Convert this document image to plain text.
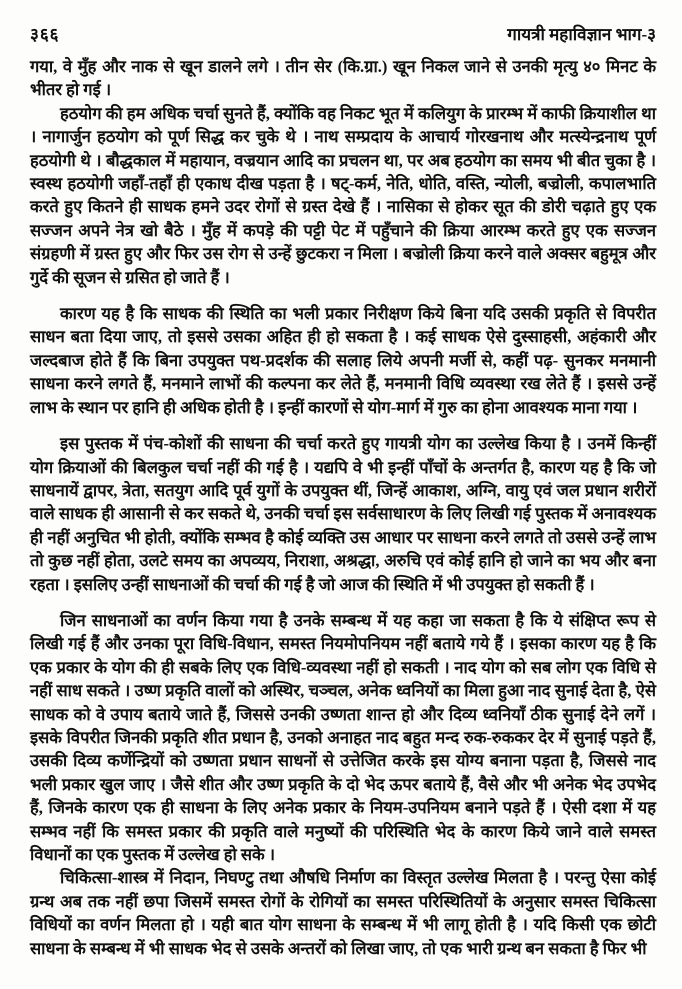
३६६	गायत्री महाविज्ञान भाग-३

गया, वे मुँह और नाक से खून डालने लगे । तीन सेर (कि.ग्रा.) खून निकल जाने से उनकी मृत्यु ४० मिनट के भीतर हो गई ।

हठयोग की हम अधिक चर्चा सुनते हैं, क्योंकि वह निकट भूत में कलियुग के प्रारम्भ में काफी क्रियाशील था । नागार्जुन हठयोग को पूर्ण सिद्ध कर चुके थे । नाथ सम्प्रदाय के आचार्य गोरखनाथ और मत्स्येन्द्रनाथ पूर्ण हठयोगी थे । बौद्धकाल में महायान, वज्रयान आदि का प्रचलन था, पर अब हठयोग का समय भी बीत चुका है । स्वस्थ हठयोगी जहाँ-तहाँ ही एकाध दीख पड़ता है । षट्-कर्म, नेति, धोति, वस्ति, न्योली, बज्रोली, कपालभाति करते हुए कितने ही साधक हमने उदर रोगों से ग्रस्त देखे हैं । नासिका से होकर सूत की डोरी चढ़ाते हुए एक सज्जन अपने नेत्र खो बैठे । मुँह में कपड़े की पट्टी पेट में पहुँचाने की क्रिया आरम्भ करते हुए एक सज्जन संग्रहणी में ग्रस्त हुए और फिर उस रोग से उन्हें छुटकरा न मिला । बज्रोली क्रिया करने वाले अक्सर बहुमूत्र और गुर्दे की सूजन से ग्रसित हो जाते हैं ।

कारण यह है कि साधक की स्थिति का भली प्रकार निरीक्षण किये बिना यदि उसकी प्रकृति से विपरीत साधन बता दिया जाए, तो इससे उसका अहित ही हो सकता है । कई साधक ऐसे दुस्साहसी, अहंकारी और जल्दबाज होते हैं कि बिना उपयुक्त पथ-प्रदर्शक की सलाह लिये अपनी मर्जी से, कहीं पढ़- सुनकर मनमानी साधना करने लगते हैं, मनमाने लाभों की कल्पना कर लेते हैं, मनमानी विधि व्यवस्था रख लेते हैं । इससे उन्हें लाभ के स्थान पर हानि ही अधिक होती है । इन्हीं कारणों से योग-मार्ग में गुरु का होना आवश्यक माना गया ।

इस पुस्तक में पंच-कोशों की साधना की चर्चा करते हुए गायत्री योग का उल्लेख किया है । उनमें किन्हीं योग क्रियाओं की बिलकुल चर्चा नहीं की गई है । यद्यपि वे भी इन्हीं पाँचों के अन्तर्गत है, कारण यह है कि जो साधनायें द्वापर, त्रेता, सतयुग आदि पूर्व युगों के उपयुक्त थीं, जिन्हें आकाश, अग्नि, वायु एवं जल प्रधान शरीरों वाले साधक ही आसानी से कर सकते थे, उनकी चर्चा इस सर्वसाधारण के लिए लिखी गई पुस्तक में अनावश्यक ही नहीं अनुचित भी होती, क्योंकि सम्भव है कोई व्यक्ति उस आधार पर साधना करने लगते तो उससे उन्हें लाभ तो कुछ नहीं होता, उलटे समय का अपव्यय, निराशा, अश्रद्धा, अरुचि एवं कोई हानि हो जाने का भय और बना रहता । इसलिए उन्हीं साधनाओं की चर्चा की गई है जो आज की स्थिति में भी उपयुक्त हो सकती हैं ।

जिन साधनाओं का वर्णन किया गया है उनके सम्बन्ध में यह कहा जा सकता है कि ये संक्षिप्त रूप से लिखी गई हैं और उनका पूरा विधि-विधान, समस्त नियमोपनियम नहीं बताये गये हैं । इसका कारण यह है कि एक प्रकार के योग की ही सबके लिए एक विधि-व्यवस्था नहीं हो सकती । नाद योग को सब लोग एक विधि से नहीं साध सकते । उष्ण प्रकृति वालों को अस्थिर, चञ्चल, अनेक ध्वनियों का मिला हुआ नाद सुनाई देता है, ऐसे साधक को वे उपाय बताये जाते हैं, जिससे उनकी उष्णता शान्त हो और दिव्य ध्वनियाँ ठीक सुनाई देने लगें । इसके विपरीत जिनकी प्रकृति शीत प्रधान है, उनको अनाहत नाद बहुत मन्द रुक-रुककर देर में सुनाई पड़ते हैं, उसकी दिव्य कर्णेन्द्रियों को उष्णता प्रधान साधनों से उत्तेजित करके इस योग्य बनाना पड़ता है, जिससे नाद भली प्रकार खुल जाए । जैसे शीत और उष्ण प्रकृति के दो भेद ऊपर बताये हैं, वैसे और भी अनेक भेद उपभेद हैं, जिनके कारण एक ही साधना के लिए अनेक प्रकार के नियम-उपनियम बनाने पड़ते हैं । ऐसी दशा में यह सम्भव नहीं कि समस्त प्रकार की प्रकृति वाले मनुष्यों की परिस्थिति भेद के कारण किये जाने वाले समस्त विधानों का एक पुस्तक में उल्लेख हो सके ।

चिकित्सा-शास्त्र में निदान, निघण्टु तथा औषधि निर्माण का विस्तृत उल्लेख मिलता है । परन्तु ऐसा कोई ग्रन्थ अब तक नहीं छपा जिसमें समस्त रोगों के रोगियों का समस्त परिस्थितियों के अनुसार समस्त चिकित्सा विधियों का वर्णन मिलता हो । यही बात योग साधना के सम्बन्ध में भी लागू होती है । यदि किसी एक छोटी साधना के सम्बन्ध में भी साधक भेद से उसके अन्तरों को लिखा जाए, तो एक भारी ग्रन्थ बन सकता है फिर भी
